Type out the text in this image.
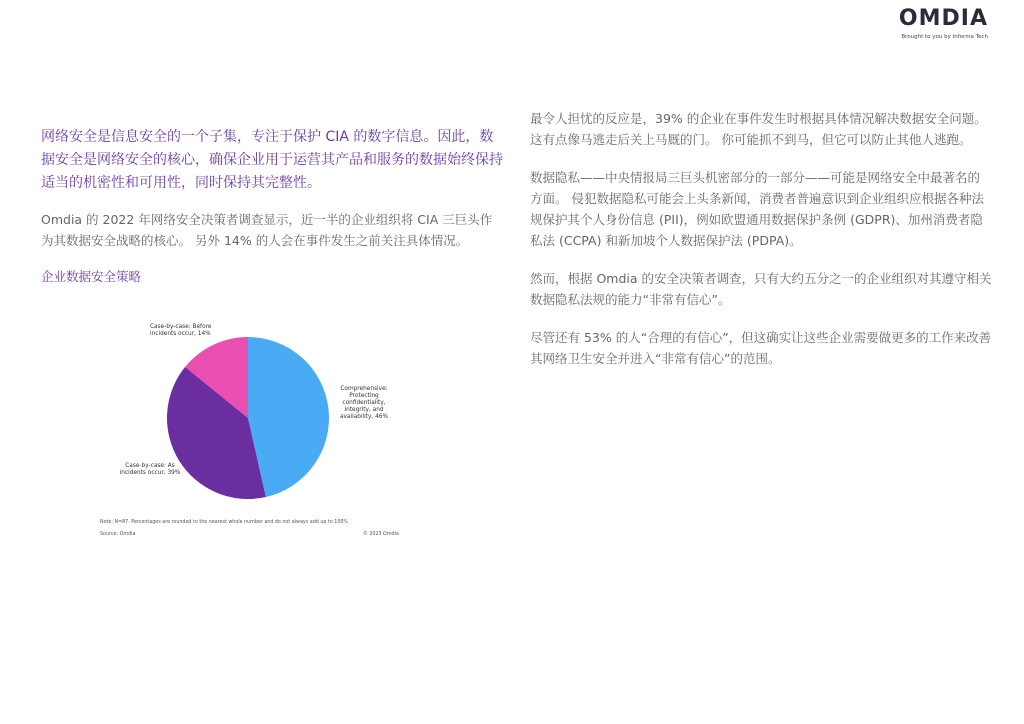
OMDIA
Brought to you by Informa Tech

网络安全是信息安全的一个子集，专注于保护 CIA 的数字信息。因此，数据安全是网络安全的核心，确保企业用于运营其产品和服务的数据始终保持适当的机密性和可用性，同时保持其完整性。

Omdia 的 2022 年网络安全决策者调查显示，近一半的企业组织将 CIA 三巨头作为其数据安全战略的核心。 另外 14% 的人会在事件发生之前关注具体情况。

企业数据安全策略

Case-by-case: Before incidents occur, 14%
Comprehensive: Protecting confidentiality, integrity, and availability, 46%
Case-by-case: As incidents occur, 39%
Note: N=87. Percentages are rounded to the nearest whole number and do not always add up to 100%
Source: Omdia	© 2023 Omdia

最令人担忧的反应是，39% 的企业在事件发生时根据具体情况解决数据安全问题。 这有点像马逃走后关上马厩的门。 你可能抓不到马，但它可以防止其他人逃跑。

数据隐私——中央情报局三巨头机密部分的一部分——可能是网络安全中最著名的方面。 侵犯数据隐私可能会上头条新闻，消费者普遍意识到企业组织应根据各种法规保护其个人身份信息 (PII)，例如欧盟通用数据保护条例 (GDPR)、加州消费者隐私法 (CCPA) 和新加坡个人数据保护法 (PDPA)。

然而，根据 Omdia 的安全决策者调查，只有大约五分之一的企业组织对其遵守相关数据隐私法规的能力“非常有信心”。

尽管还有 53% 的人“合理的有信心”，但这确实让这些企业需要做更多的工作来改善其网络卫生安全并进入“非常有信心”的范围。
